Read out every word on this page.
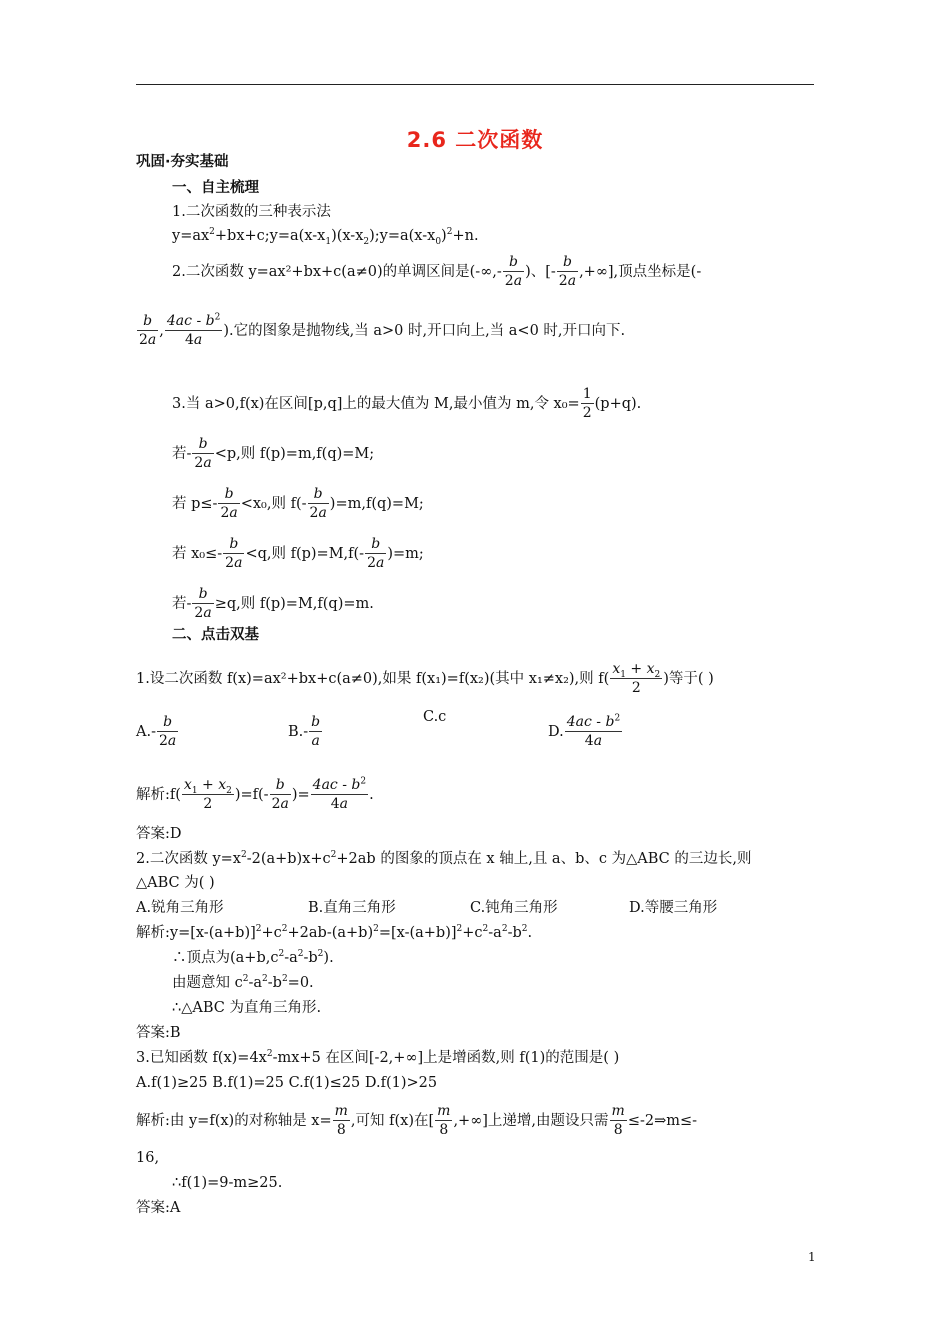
2.6 二次函数
巩固·夯实基础
一、自主梳理
1.二次函数的三种表示法
$y=ax^2+bx+c;y=a(x-x_1)(x-x_2);y=a(x-x_0)^2+n$.
2.二次函数 y=ax²+bx+c(a≠0)的单调区间是(-∞,- $\frac{b}{2a}$ )、[- $\frac{b}{2a}$ ,+∞],顶点坐标是(-
$\frac{b}{2a}$ , $\frac{4ac - b^2}{4a}$ ).它的图象是抛物线,当 a>0 时,开口向上,当 a<0 时,开口向下.
3.当 a>0,f(x)在区间[p,q]上的最大值为 M,最小值为 m,令 $x_0= \frac{1}{2} (p+q)$.
若- $\frac{b}{2a} <p$,则 f(p)=m,f(q)=M;
若 $p\le- \frac{b}{2a} <x_0$,则 $f(- \frac{b}{2a} )=m,f(q)=M$;
若 $x_0\le- \frac{b}{2a} <q$,则 $f(p)=M,f(- \frac{b}{2a} )=m$;
若- $\frac{b}{2a} \ge q$,则 f(p)=M,f(q)=m.
二、点击双基
1.设二次函数 f(x)=ax²+bx+c(a≠0),如果 f(x₁)=f(x₂)(其中 x₁≠x₂),则 $f( \frac{x_1 + x_2}{2}$ )等于( )
$A.- \frac{b}{2a}$	$B.- \frac{b}{a}$	C.c
D. $\frac{4ac - b^2}{4a}$
解析:f( $\frac{x_1 + x_2}{2} )=f(- \frac{b}{2a}$ )= $\frac{4ac - b^2}{4a}$ .
答案:D
2.二次函数 $y=x^2-2(a+b)x+c^2+2ab$ 的图象的顶点在 x 轴上,且 a、b、c 为△ABC 的三边长,则
△ABC 为( )
A.锐角三角形	B.直角三角形	C.钝角三角形	D.等腰三角形
解析$:y=[x-(a+b)]^2+c^2+2ab-(a+b)^2=[x-(a+b)]^2+c^2-a^2-b^2$.
∴顶点为$(a+b,c^2-a^2-b^2)$.
由题意知 $c^2-a^2-b^2=0$.
∴△ABC 为直角三角形.
答案:B
3.已知函数 $f(x)=4x^2-mx+5$ 在区间[-2,+∞]上是增函数,则 f(1)的范围是( )
A.f(1)≥25 B.f(1)=25 C.f(1)≤25 D.f(1)>25
解析:由 y=f(x)的对称轴是 $x= \frac{m}{8}$ ,可知 f(x)在[ $\frac{m}{8}$ ,+∞]上递增,由题设只需 $\frac{m}{8}$ ≤-2⇒m≤-
16,
∴f(1)=9-m≥25.
答案:A
1
